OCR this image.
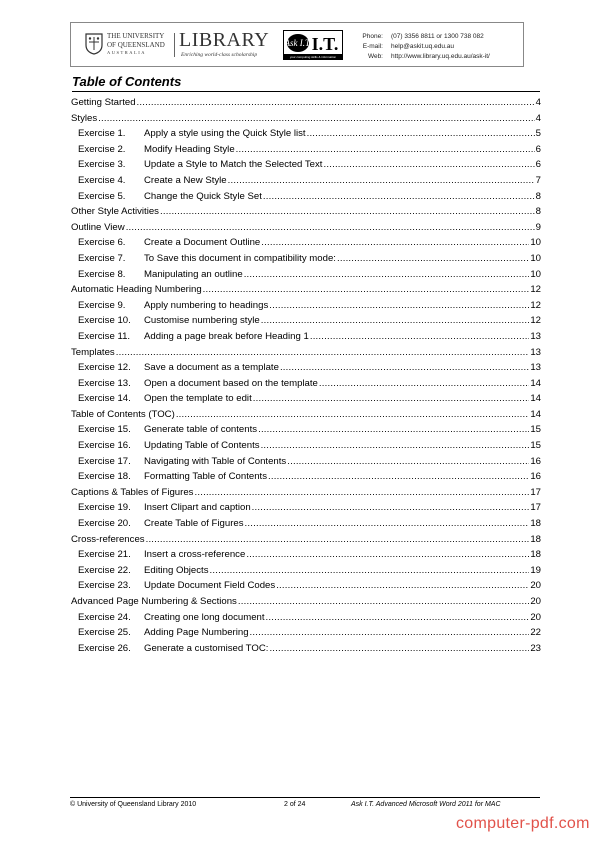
THE UNIVERSITY
OF QUEENSLAND
AUSTRALIA
LIBRARY
Enriching world-class scholarship
Ask I.T. I.T.
your computing skills & information
Phone: (07) 3356 8811 or 1300 738 082
E-mail: help@askit.uq.edu.au
Web: http://www.library.uq.edu.au/ask-it/
Table of Contents
Getting Started .....	4
Styles .....	4
Exercise 1.	Apply a style using the Quick Style list .....	5
Exercise 2.	Modify Heading Style .....	6
Exercise 3.	Update a Style to Match the Selected Text .....	6
Exercise 4.	Create a New Style .....	7
Exercise 5.	Change the Quick Style Set .....	8
Other Style Activities .....	8
Outline View .....	9
Exercise 6.	Create a Document Outline .....	10
Exercise 7.	To Save this document in compatibility mode: .....	10
Exercise 8.	Manipulating an outline .....	10
Automatic Heading Numbering .....	12
Exercise 9.	Apply numbering to headings .....	12
Exercise 10.	Customise numbering style .....	12
Exercise 11.	Adding a page break before Heading 1 .....	13
Templates .....	13
Exercise 12.	Save a document as a template .....	13
Exercise 13.	Open a document based on the template .....	14
Exercise 14.	Open the template to edit .....	14
Table of Contents (TOC) .....	14
Exercise 15.	Generate table of contents .....	15
Exercise 16.	Updating Table of Contents .....	15
Exercise 17.	Navigating with Table of Contents .....	16
Exercise 18.	Formatting Table of Contents .....	16
Captions & Tables of Figures .....	17
Exercise 19.	Insert Clipart and caption .....	17
Exercise 20.	Create Table of Figures .....	18
Cross-references .....	18
Exercise 21.	Insert a cross-reference .....	18
Exercise 22.	Editing Objects .....	19
Exercise 23.	Update Document Field Codes .....	20
Advanced Page Numbering & Sections .....	20
Exercise 24.	Creating one long document .....	20
Exercise 25.	Adding Page Numbering .....	22
Exercise 26.	Generate a customised TOC: .....	23
© University of Queensland Library 2010	2 of 24	Ask I.T. Advanced Microsoft Word 2011 for MAC
computer-pdf.com
